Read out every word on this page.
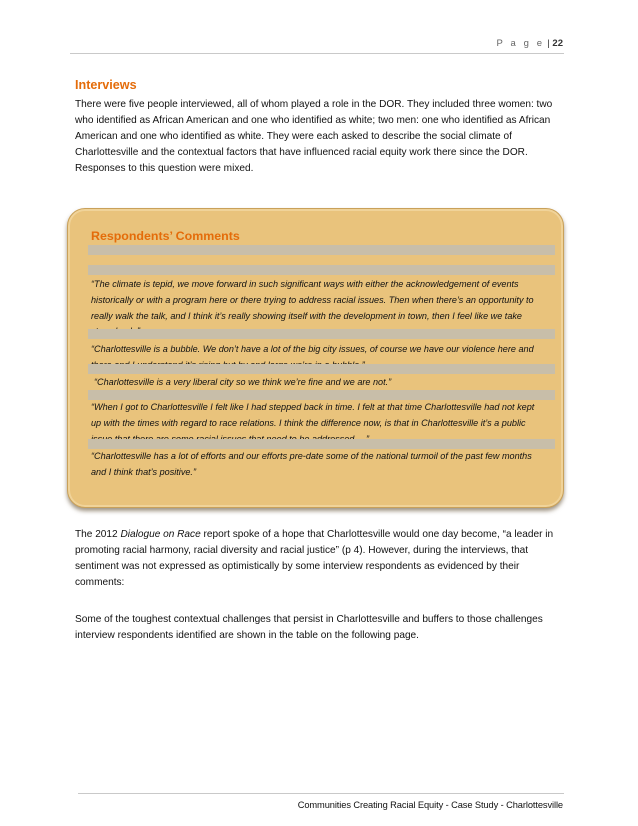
P a g e | 22
Interviews

There were five people interviewed, all of whom played a role in the DOR. They included three women: two who identified as African American and one who identified as white; two men: one who identified as African American and one who identified as white. They were each asked to describe the social climate of Charlottesville and the contextual factors that have influenced racial equity work there since the DOR. Responses to this question were mixed.

Respondents’ Comments

“The climate is tepid, we move forward in such significant ways with either the acknowledgement of events historically or with a program here or there trying to address racial issues. Then when there’s an opportunity to really walk the talk, and I think it’s really showing itself with the development in town, then I feel like we take

“Charlottesville is a bubble. We don’t have a lot of the big city issues, of course we have our violence here and

“Charlottesville is a very liberal city so we think we’re fine and we are not.”

“When I got to Charlottesville I felt like I had stepped back in time. I felt at that time Charlottesville had not kept up with the times with regard to race relations. I think the difference now, is that in Charlottesville it’s a public

“Charlottesville has a lot of efforts and our efforts pre-date some of the national turmoil of the past few months and I think that’s positive.”

The 2012 Dialogue on Race report spoke of a hope that Charlottesville would one day become, “a leader in promoting racial harmony, racial diversity and racial justice” (p 4). However, during the interviews, that sentiment was not expressed as optimistically by some interview respondents as evidenced by their comments:

Some of the toughest contextual challenges that persist in Charlottesville and buffers to those challenges interview respondents identified are shown in the table on the following page.

Communities Creating Racial Equity - Case Study - Charlottesville
